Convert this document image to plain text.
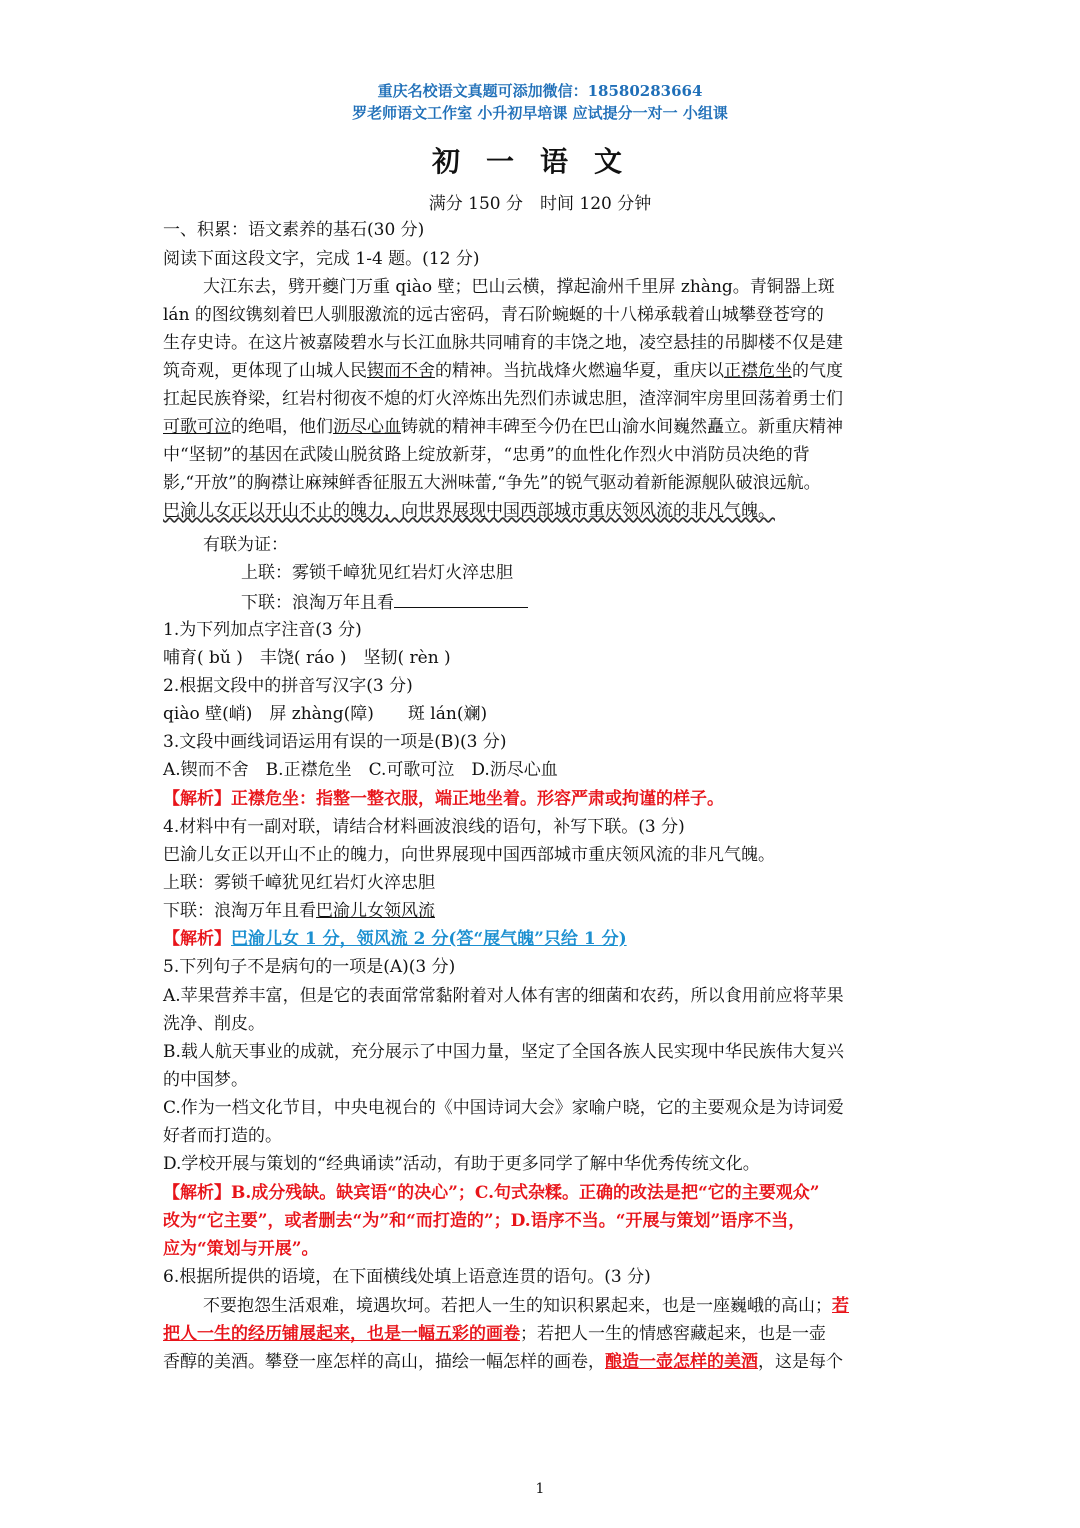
重庆名校语文真题可添加微信：18580283664
罗老师语文工作室 小升初早培课 应试提分一对一 小组课
初一语文
满分 150 分　时间 120 分钟
一、积累：语文素养的基石(30 分)
阅读下面这段文字，完成 1-4 题。(12 分)
大江东去，劈开夔门万重 qiào 壁；巴山云横，撑起渝州千里屏 zhàng。青铜器上斑
lán 的图纹镌刻着巴人驯服激流的远古密码，青石阶蜿蜒的十八梯承载着山城攀登苍穹的
生存史诗。在这片被嘉陵碧水与长江血脉共同哺育的丰饶之地，凌空悬挂的吊脚楼不仅是建
筑奇观，更体现了山城人民锲而不舍的精神。当抗战烽火燃遍华夏，重庆以正襟危坐的气度
扛起民族脊梁，红岩村彻夜不熄的灯火淬炼出先烈们赤诚忠胆，渣滓洞牢房里回荡着勇士们
可歌可泣的绝唱，他们沥尽心血铸就的精神丰碑至今仍在巴山渝水间巍然矗立。新重庆精神
中“坚韧”的基因在武陵山脱贫路上绽放新芽，“忠勇”的血性化作烈火中消防员决绝的背
影,“开放”的胸襟让麻辣鲜香征服五大洲味蕾,“争先”的锐气驱动着新能源舰队破浪远航。
巴渝儿女正以开山不止的魄力，向世界展现中国西部城市重庆领风流的非凡气魄。
有联为证：
上联：雾锁千嶂犹见红岩灯火淬忠胆
下联：浪淘万年且看
1.为下列加点字注音(3 分)
哺育( bǔ )　丰饶( ráo )　坚韧( rèn )
2.根据文段中的拼音写汉字(3 分)
qiào 壁(峭)　屏 zhàng(障)　　斑 lán(斓)
3.文段中画线词语运用有误的一项是(B)(3 分)
A.锲而不舍　B.正襟危坐　C.可歌可泣　D.沥尽心血
【解析】正襟危坐：指整一整衣服，端正地坐着。形容严肃或拘谨的样子。
4.材料中有一副对联，请结合材料画波浪线的语句，补写下联。(3 分)
巴渝儿女正以开山不止的魄力，向世界展现中国西部城市重庆领风流的非凡气魄。
上联：雾锁千嶂犹见红岩灯火淬忠胆
下联：浪淘万年且看巴渝儿女领风流
【解析】巴渝儿女 1 分，领风流 2 分(答“展气魄”只给 1 分)
5.下列句子不是病句的一项是(A)(3 分)
A.苹果营养丰富，但是它的表面常常黏附着对人体有害的细菌和农药，所以食用前应将苹果
洗净、削皮。
B.载人航天事业的成就，充分展示了中国力量，坚定了全国各族人民实现中华民族伟大复兴
的中国梦。
C.作为一档文化节目，中央电视台的《中国诗词大会》家喻户晓，它的主要观众是为诗词爱
好者而打造的。
D.学校开展与策划的“经典诵读”活动，有助于更多同学了解中华优秀传统文化。
【解析】B.成分残缺。缺宾语“的决心”；C.句式杂糅。正确的改法是把“它的主要观众”
改为“它主要”，或者删去“为”和“而打造的”；D.语序不当。“开展与策划”语序不当，
应为“策划与开展”。
6.根据所提供的语境，在下面横线处填上语意连贯的语句。(3 分)
不要抱怨生活艰难，境遇坎坷。若把人一生的知识积累起来，也是一座巍峨的高山；若
把人一生的经历铺展起来，也是一幅五彩的画卷；若把人一生的情感窖藏起来，也是一壶
香醇的美酒。攀登一座怎样的高山，描绘一幅怎样的画卷，酿造一壶怎样的美酒，这是每个
1
